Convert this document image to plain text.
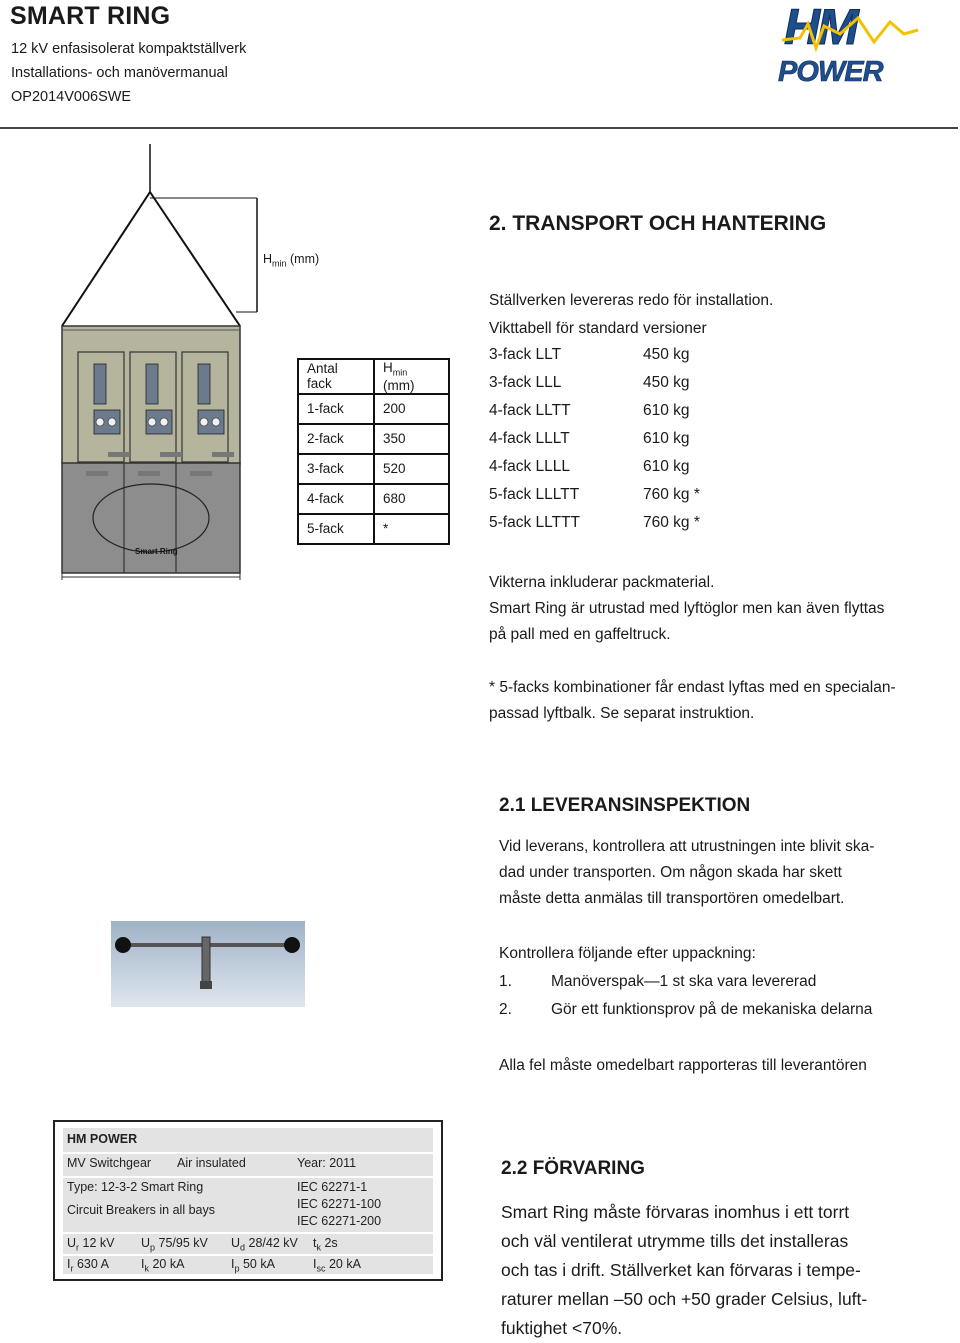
SMART RING
12 kV enfasisolerat kompaktställverk
Installations- och manövermanual
OP2014V006SWE
HM
POWER
Smart Ring
$H_{min}$ (mm)
Antal fack	$H_{min}$ (mm)
1-fack	200
2-fack	350
3-fack	520
4-fack	680
5-fack	*
2. TRANSPORT OCH HANTERING
Ställverken levereras redo för installation.
Vikttabell för standard versioner
3-fack LLT	450 kg
3-fack LLL	450 kg
4-fack LLTT	610 kg
4-fack LLLT	610 kg
4-fack LLLL	610 kg
5-fack LLLTT	760 kg *
5-fack LLTTT	760 kg *
Vikterna inkluderar packmaterial.
Smart Ring är utrustad med lyftöglor men kan även flyttas
på pall med en gaffeltruck.
* 5-facks kombinationer får endast lyftas med en specialan-
passad lyftbalk. Se separat instruktion.
2.1 LEVERANSINSPEKTION
Vid leverans, kontrollera att utrustningen inte blivit ska-
dad under transporten. Om någon skada har skett
måste detta anmälas till transportören omedelbart.
Kontrollera följande efter uppackning:
1.	Manöverspak—1 st ska vara levererad
2.	Gör ett funktionsprov på de mekaniska delarna
Alla fel måste omedelbart rapporteras till leverantören
HM POWER
MV Switchgear Air insulated	Year: 2011
Type: 12-3-2 Smart Ring	IEC 62271-1
Circuit Breakers in all bays	IEC 62271-100
IEC 62271-200
$U_r$ 12 kV $U_p$ 75/95 kV $U_d$ 28/42 kV $t_k$ 2s
$I_r$ 630 A	$I_k$ 20 kA	$I_p$ 50 kA	$I_{sc}$ 20 kA
2.2 FÖRVARING
Smart Ring måste förvaras inomhus i ett torrt
och väl ventilerat utrymme tills det installeras
och tas i drift. Ställverket kan förvaras i tempe-
raturer mellan –50 och +50 grader Celsius, luft-
fuktighet <70%.
